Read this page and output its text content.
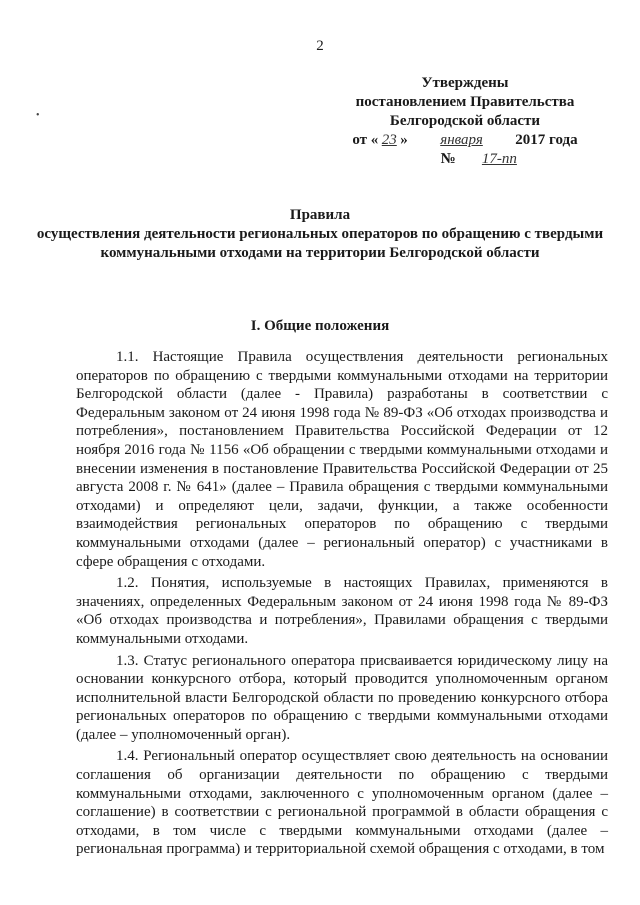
2
Утверждены
постановлением Правительства
Белгородской области
от « 23 » января 2017 года
№ 17-пп
•
Правила
осуществления деятельности региональных операторов по обращению с твердыми коммунальными отходами на территории Белгородской области
I. Общие положения

1.1. Настоящие Правила осуществления деятельности региональных операторов по обращению с твердыми коммунальными отходами на территории Белгородской области (далее - Правила) разработаны в соответствии с Федеральным законом от 24 июня 1998 года № 89-ФЗ «Об отходах производства и потребления», постановлением Правительства Российской Федерации от 12 ноября 2016 года № 1156 «Об обращении с твердыми коммунальными отходами и внесении изменения в постановление Правительства Российской Федерации от 25 августа 2008 г. № 641» (далее – Правила обращения с твердыми коммунальными отходами) и определяют цели, задачи, функции, а также особенности взаимодействия региональных операторов по обращению с твердыми коммунальными отходами (далее – региональный оператор) с участниками в сфере обращения с отходами.

1.2. Понятия, используемые в настоящих Правилах, применяются в значениях, определенных Федеральным законом от 24 июня 1998 года № 89-ФЗ «Об отходах производства и потребления», Правилами обращения с твердыми коммунальными отходами.

1.3. Статус регионального оператора присваивается юридическому лицу на основании конкурсного отбора, который проводится уполномоченным органом исполнительной власти Белгородской области по проведению конкурсного отбора региональных операторов по обращению с твердыми коммунальными отходами (далее – уполномоченный орган).

1.4. Региональный оператор осуществляет свою деятельность на основании соглашения об организации деятельности по обращению с твердыми коммунальными отходами, заключенного с уполномоченным органом (далее – соглашение) в соответствии с региональной программой в области обращения с отходами, в том числе с твердыми коммунальными отходами (далее – региональная программа) и территориальной схемой обращения с отходами, в том
